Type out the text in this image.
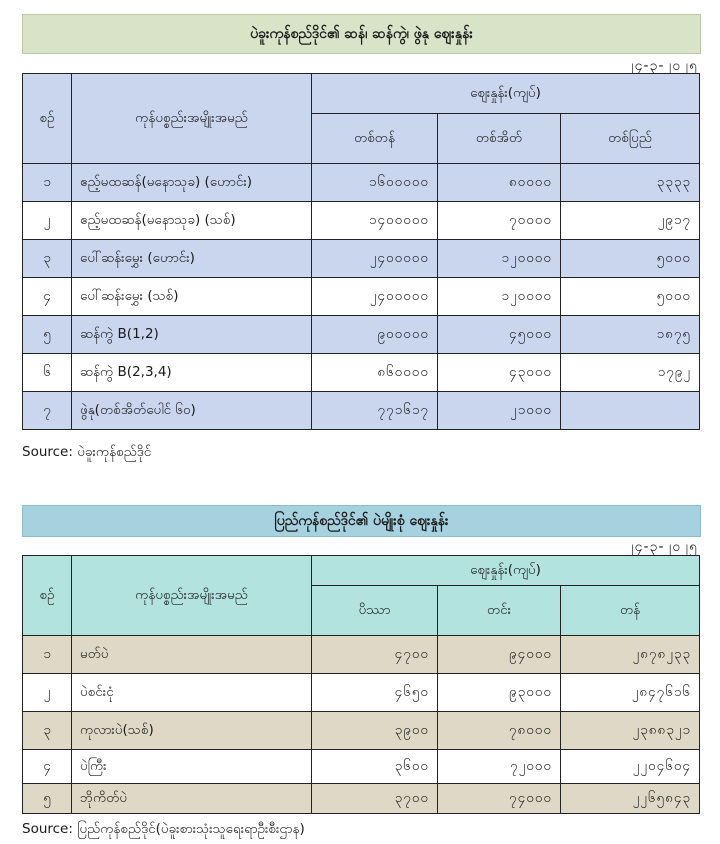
ပဲခူးကုန်စည်ဒိုင်၏ ဆန်၊ ဆန်ကွဲ၊ ဖွဲနု ဈေးနှုန်း
၂၄-၃-၂၀၂၅
စဉ်	ကုန်ပစ္စည်းအမျိုးအမည်	ဈေးနှုန်း(ကျပ်)		
		တစ်တန်	တစ်အိတ်	တစ်ပြည်
၁	ဧည့်မထဆန်(မနောသုခ) (ဟောင်း)	၁၆၀၀၀၀၀	၈၀၀၀၀	၃၃၃၃
၂	ဧည့်မထဆန်(မနောသုခ) (သစ်)	၁၄၀၀၀၀၀	၇၀၀၀၀	၂၉၁၇
၃	ပေါ်ဆန်းမွှေး (ဟောင်း)	၂၄၀၀၀၀၀	၁၂၀၀၀၀	၅၀၀၀
၄	ပေါ်ဆန်းမွှေး (သစ်)	၂၄၀၀၀၀၀	၁၂၀၀၀၀	၅၀၀၀
၅	ဆန်ကွဲ B(1,2)	၉၀၀၀၀၀	၄၅၀၀၀	၁၈၇၅
၆	ဆန်ကွဲ B(2,3,4)	၈၆၀၀၀၀	၄၃၀၀၀	၁၇၉၂
၇	ဖွဲနု(တစ်အိတ်ပေါင် ၆၀)	၇၇၁၆၁၇	၂၁၀၀၀	
Source: ပဲခူးကုန်စည်ဒိုင်
ပြည်ကုန်စည်ဒိုင်၏ ပဲမျိုးစုံ ဈေးနှုန်း
၂၄-၃-၂၀၂၅
စဉ်	ကုန်ပစ္စည်းအမျိုးအမည်	ဈေးနှုန်း(ကျပ်)		
		ပိဿာ	တင်း	တန်
၁	မတ်ပဲ	၄၇၀၀	၉၄၀၀၀	၂၈၇၈၂၃၃
၂	ပဲစင်းငုံ	၄၆၅၀	၉၃၀၀၀	၂၈၄၇၆၁၆
၃	ကုလားပဲ(သစ်)	၃၉၀၀	၇၈၀၀၀	၂၃၈၈၃၂၁
၄	ပဲကြီး	၃၆၀၀	၇၂၀၀၀	၂၂၀၄၆၀၄
၅	ဘိုကိတ်ပဲ	၃၇၀၀	၇၄၀၀၀	၂၂၆၅၈၄၃
Source: ပြည်ကုန်စည်ဒိုင်(ပဲခူးစားသုံးသူရေးရာဦးစီးဌာန)
